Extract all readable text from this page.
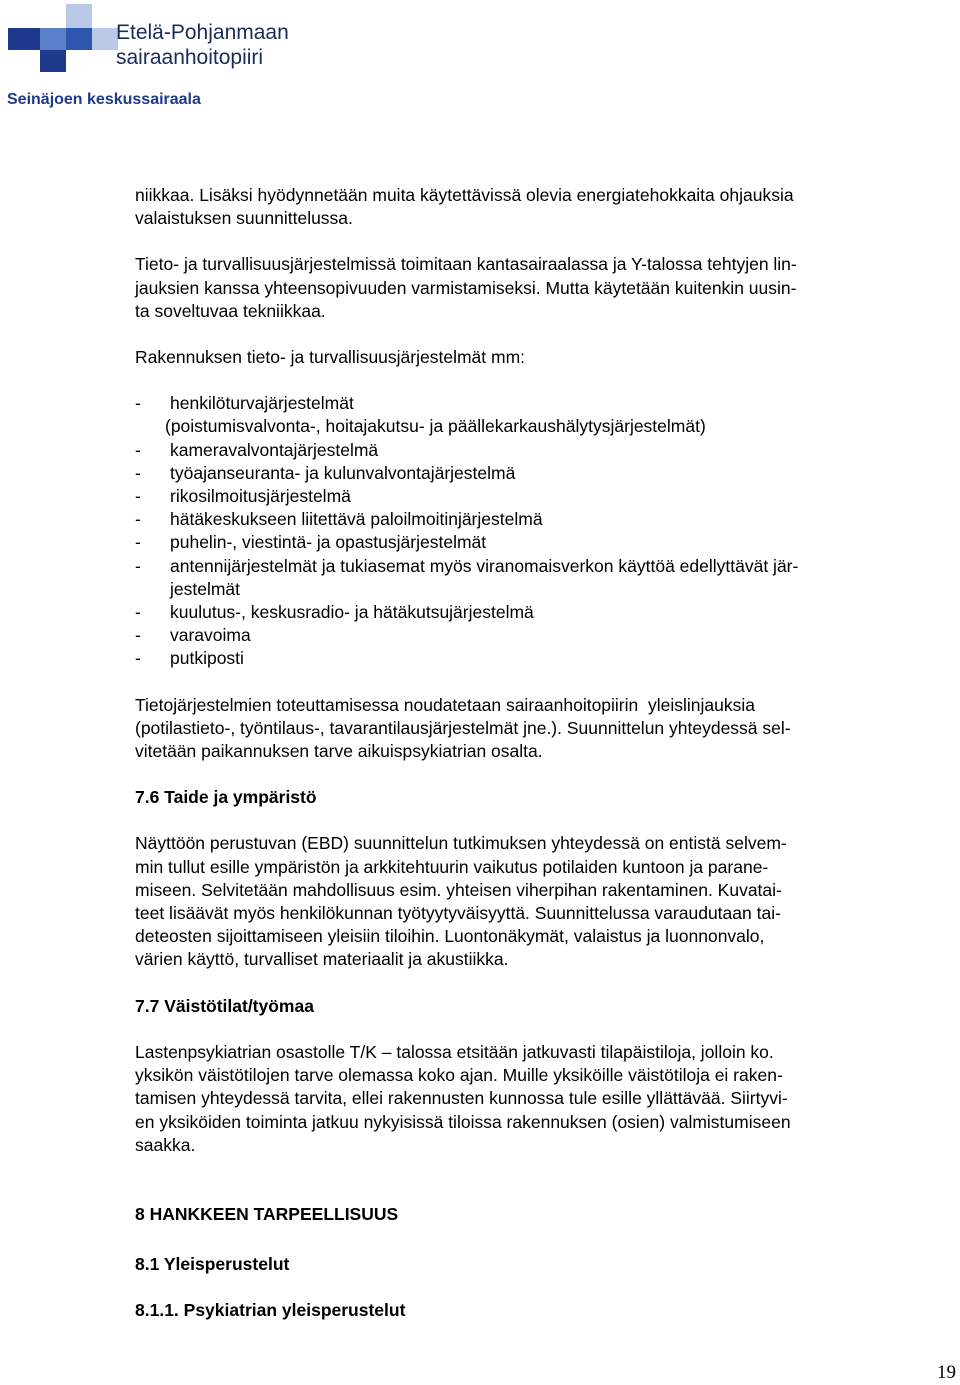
Etelä-Pohjanmaan
sairaanhoitopiiri
Seinäjoen keskussairaala

niikkaa. Lisäksi hyödynnetään muita käytettävissä olevia energiatehokkaita ohjauksia

valaistuksen suunnittelussa.

Tieto- ja turvallisuusjärjestelmissä toimitaan kantasairaalassa ja Y-talossa tehtyjen lin-

jauksien kanssa yhteensopivuuden varmistamiseksi. Mutta käytetään kuitenkin uusin-

ta soveltuvaa tekniikkaa.

Rakennuksen tieto- ja turvallisuusjärjestelmät mm:

-	henkilöturvajärjestelmät
(poistumisvalvonta-, hoitajakutsu- ja päällekarkaushälytysjärjestelmät)
-	kameravalvontajärjestelmä
-	työajanseuranta- ja kulunvalvontajärjestelmä
-	rikosilmoitusjärjestelmä
-	hätäkeskukseen liitettävä paloilmoitinjärjestelmä
-	puhelin-, viestintä- ja opastusjärjestelmät
-	antennijärjestelmät ja tukiasemat myös viranomaisverkon käyttöä edellyttävät jär-
jestelmät
-	kuulutus-, keskusradio- ja hätäkutsujärjestelmä
-	varavoima
-	putkiposti

Tietojärjestelmien toteuttamisessa noudatetaan sairaanhoitopiirin  yleislinjauksia

(potilastieto-, työntilaus-, tavarantilausjärjestelmät jne.). Suunnittelun yhteydessä sel-

vitetään paikannuksen tarve aikuispsykiatrian osalta.

7.6 Taide ja ympäristö

Näyttöön perustuvan (EBD) suunnittelun tutkimuksen yhteydessä on entistä selvem-

min tullut esille ympäristön ja arkkitehtuurin vaikutus potilaiden kuntoon ja parane-

miseen. Selvitetään mahdollisuus esim. yhteisen viherpihan rakentaminen. Kuvatai-

teet lisäävät myös henkilökunnan työtyytyväisyyttä. Suunnittelussa varaudutaan tai-

deteosten sijoittamiseen yleisiin tiloihin. Luontonäkymät, valaistus ja luonnonvalo,

värien käyttö, turvalliset materiaalit ja akustiikka.

7.7 Väistötilat/työmaa

Lastenpsykiatrian osastolle T/K – talossa etsitään jatkuvasti tilapäistiloja, jolloin ko.

yksikön väistötilojen tarve olemassa koko ajan. Muille yksiköille väistötiloja ei raken-

tamisen yhteydessä tarvita, ellei rakennusten kunnossa tule esille yllättävää. Siirtyvi-

en yksiköiden toiminta jatkuu nykyisissä tiloissa rakennuksen (osien) valmistumiseen

saakka.

8 HANKKEEN TARPEELLISUUS
8.1 Yleisperustelut
8.1.1. Psykiatrian yleisperustelut
19
